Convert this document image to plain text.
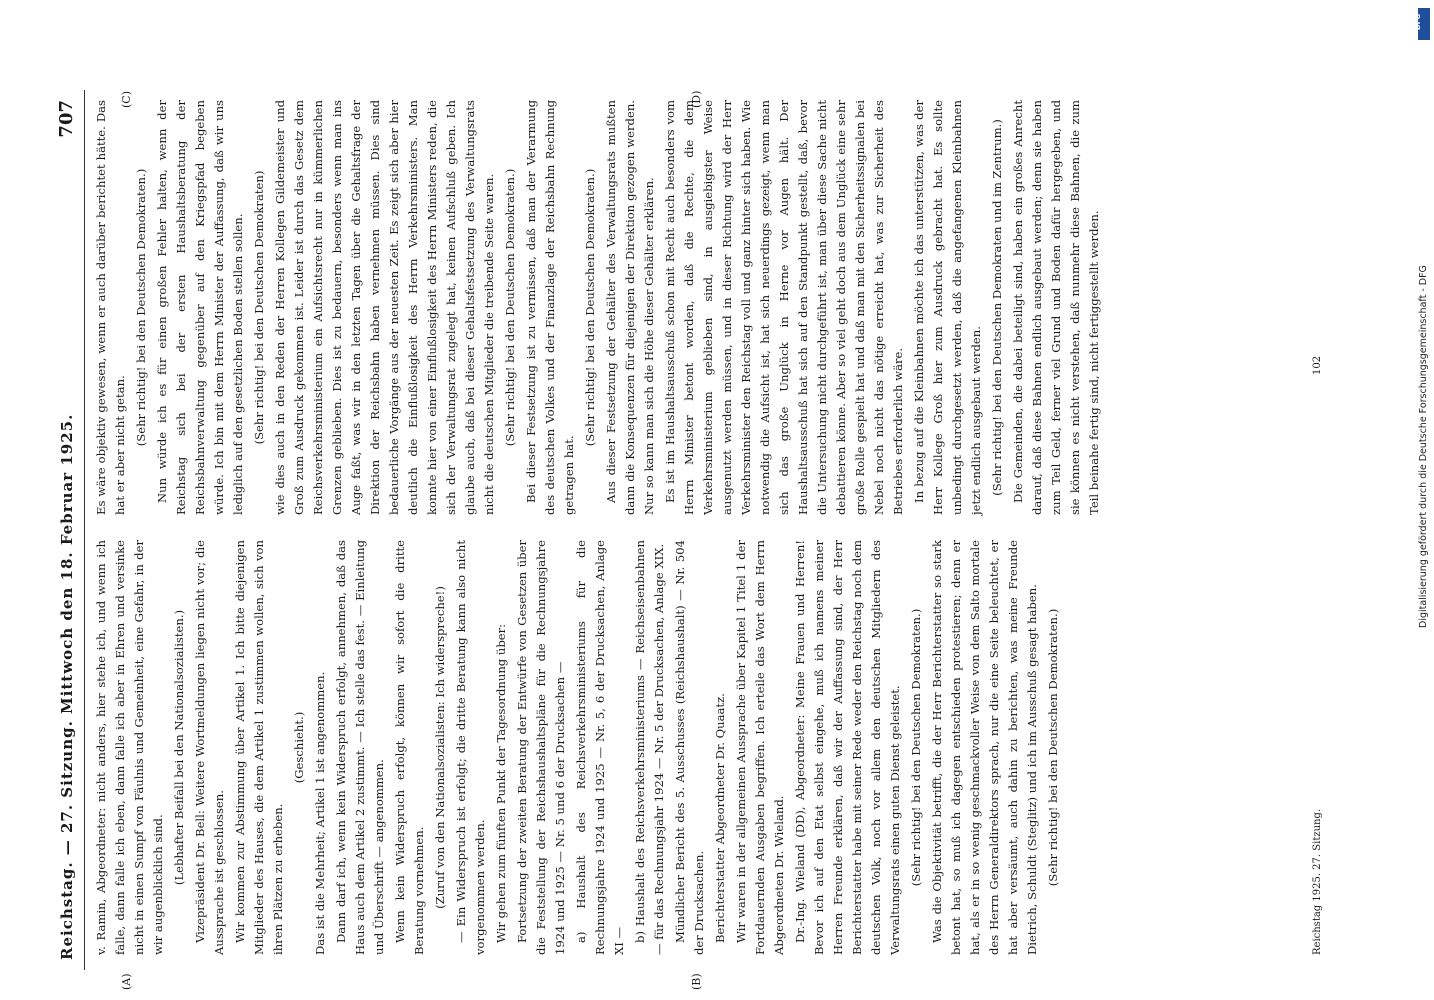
Reichstag. — 27. Sitzung. Mittwoch den 18. Februar 1925.
707
(A)	(B)
(C)	(D)

v. Ramin, Abgeordneter: nicht anders, hier stehe ich, und wenn ich falle, dann falle ich eben, dann falle ich aber in Ehren und versinke nicht in einen Sumpf von Fäulnis und Gemeinheit, eine Gefahr, in der wir augenblicklich sind. (Lebhafter Beifall bei den Nationalsozialisten.) Vizepräsident Dr. Bell: Weitere Wortmeldungen liegen nicht vor; die Aussprache ist geschlossen. Wir kommen zur Abstimmung über Artikel 1. Ich bitte diejenigen Mitglieder des Hauses, die dem Artikel 1 zustimmen wollen, sich von ihren Plätzen zu erheben.

(Geschieht.) Das ist die Mehrheit; Artikel 1 ist angenommen. Dann darf ich, wenn kein Widerspruch erfolgt, annehmen, daß das Haus auch dem Artikel 2 zustimmt. — Ich stelle das fest. — Einleitung und Überschrift — angenommen. Wenn kein Widerspruch erfolgt, können wir sofort die dritte Beratung vornehmen. (Zuruf von den Nationalsozialisten: Ich widerspreche!) — Ein Widerspruch ist erfolgt; die dritte Beratung kann also nicht vorgenommen werden. Wir gehen zum fünften Punkt der Tagesordnung über: Fortsetzung der zweiten Beratung der Entwürfe von Gesetzen über die Feststellung der Reichshaushaltspläne für die Rechnungsjahre 1924 und 1925 — Nr. 5 und 6 der Drucksachen — a) Haushalt des Reichsverkehrsministeriums für die Rechnungsjahre 1924 und 1925 — Nr. 5, 6 der Drucksachen, Anlage XI — b) Haushalt des Reichsverkehrsministeriums — Reichseisenbahnen — für das Rechnungsjahr 1924 — Nr. 5 der Drucksachen, Anlage XIX. Mündlicher Bericht des 5. Ausschusses (Reichshaushalt) — Nr. 504 der Drucksachen. Berichterstatter Abgeordneter Dr. Quaatz. Wir waren in der allgemeinen Aussprache über Kapitel 1 Titel 1 der Fortdauernden Ausgaben begriffen. Ich erteile das Wort dem Herrn Abgeordneten Dr. Wieland. Dr.-Ing. Wieland (DD), Abgeordneter: Meine Frauen und Herren! Bevor ich auf den Etat selbst eingehe, muß ich namens meiner Herren Freunde erklären, daß wir der Auffassung sind, der Herr Berichterstatter habe mit seiner Rede weder den Reichstag noch dem deutschen Volk, noch vor allem den deutschen Mitgliedern des Verwaltungsrats einen guten Dienst geleistet. (Sehr richtig! bei den Deutschen Demokraten.) Was die Objektivität betrifft, die der Herr Berichterstatter so stark betont hat, so muß ich dagegen entschieden protestieren; denn er hat, als er in so wenig geschmackvoller Weise von dem Salto mortale des Herrn Generaldirektors sprach, nur die eine Seite beleuchtet, er hat aber versäumt, auch dahin zu berichten, was meine Freunde Dietrich, Schuldt (Steglitz) und ich im Ausschuß gesagt haben. (Sehr richtig! bei den Deutschen Demokraten.)

Es wäre objektiv gewesen, wenn er auch darüber berichtet hätte. Das hat er aber nicht getan. (Sehr richtig! bei den Deutschen Demokraten.) Nun würde ich es für einen großen Fehler halten, wenn der Reichstag sich bei der ersten Haushaltsberatung der Reichsbahnverwaltung gegenüber auf den Kriegspfad begeben würde. Ich bin mit dem Herrn Minister der Auffassung, daß wir uns lediglich auf den gesetzlichen Boden stellen sollen. (Sehr richtig! bei den Deutschen Demokraten) wie dies auch in den Reden der Herren Kollegen Gildemeister und Groß zum Ausdruck gekommen ist. Leider ist durch das Gesetz dem Reichsverkehrsministerium ein Aufsichtsrecht nur in kümmerlichen Grenzen geblieben. Dies ist zu bedauern, besonders wenn man ins Auge faßt, was wir in den letzten Tagen über die Gehaltsfrage der Direktion der Reichsbahn haben vernehmen müssen. Dies sind bedauerliche Vorgänge aus der neuesten Zeit. Es zeigt sich aber hier deutlich die Einflußlosigkeit des Herrn Verkehrsministers. Man konnte hier von einer Einflußlosigkeit des Herrn Ministers reden, die sich der Verwaltungsrat zugelegt hat, keinen Aufschluß geben. Ich glaube auch, daß bei dieser Gehaltsfestsetzung des Verwaltungsrats nicht die deutschen Mitglieder die treibende Seite waren. (Sehr richtig! bei den Deutschen Demokraten.) Bei dieser Festsetzung ist zu vermissen, daß man der Verarmung des deutschen Volkes und der Finanzlage der Reichsbahn Rechnung getragen hat.

(Sehr richtig! bei den Deutschen Demokraten.) Aus dieser Festsetzung der Gehälter des Verwaltungsrats mußten dann die Konsequenzen für diejenigen der Direktion gezogen werden. Nur so kann man sich die Höhe dieser Gehälter erklären. Es ist im Haushaltsausschuß schon mit Recht auch besonders vom Herrn Minister betont worden, daß die Rechte, die dem Verkehrsministerium geblieben sind, in ausgiebigster Weise ausgenutzt werden müssen, und in dieser Richtung wird der Herr Verkehrsminister den Reichstag voll und ganz hinter sich haben. Wie notwendig die Aufsicht ist, hat sich neuerdings gezeigt, wenn man sich das große Unglück in Herne vor Augen hält. Der Haushaltsausschuß hat sich auf den Standpunkt gestellt, daß, bevor die Untersuchung nicht durchgeführt ist, man über diese Sache nicht debattieren könne. Aber so viel geht doch aus dem Unglück eine sehr große Rolle gespielt hat und daß man mit den Sicherheitssignalen bei Nebel noch nicht das nötige erreicht hat, was zur Sicherheit des Betriebes erforderlich wäre. In bezug auf die Kleinbahnen möchte ich das unterstützen, was der Herr Kollege Groß hier zum Ausdruck gebracht hat. Es sollte unbedingt durchgesetzt werden, daß die angefangenen Kleinbahnen jetzt endlich ausgebaut werden. (Sehr richtig! bei den Deutschen Demokraten und im Zentrum.) Die Gemeinden, die dabei beteiligt sind, haben ein großes Anrecht darauf, daß diese Bahnen endlich ausgebaut werden; denn sie haben zum Teil Geld, ferner viel Grund und Boden dafür hergegeben, und sie können es nicht verstehen, daß nunmehr diese Bahnen, die zum Teil beinahe fertig sind, nicht fertiggestellt werden.

Reichstag 1925. 27. Sitzung.
102
DFG
Digitalisierung gefördert durch die Deutsche Forschungsgemeinschaft - DFG
